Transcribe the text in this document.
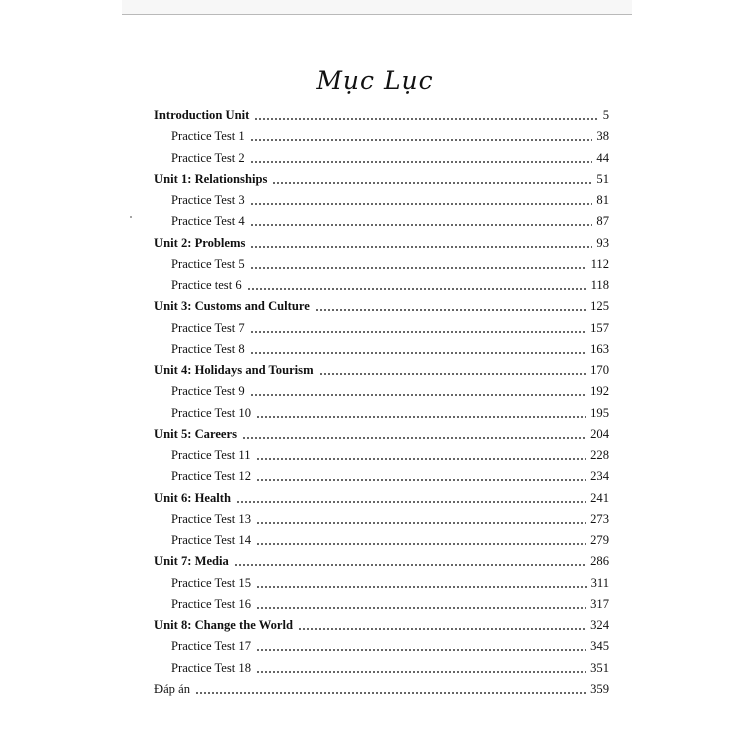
Mục Lục
Introduction Unit	5
Practice Test 1	38
Practice Test 2	44
Unit 1: Relationships	51
Practice Test 3	81
Practice Test 4	87
Unit 2: Problems	93
Practice Test 5	112
Practice test 6	118
Unit 3: Customs and Culture	125
Practice Test 7	157
Practice Test 8	163
Unit 4: Holidays and Tourism	170
Practice Test 9	192
Practice Test 10	195
Unit 5: Careers	204
Practice Test 11	228
Practice Test 12	234
Unit 6: Health	241
Practice Test 13	273
Practice Test 14	279
Unit 7: Media	286
Practice Test 15	311
Practice Test 16	317
Unit 8: Change the World	324
Practice Test 17	345
Practice Test 18	351
Đáp án	359
